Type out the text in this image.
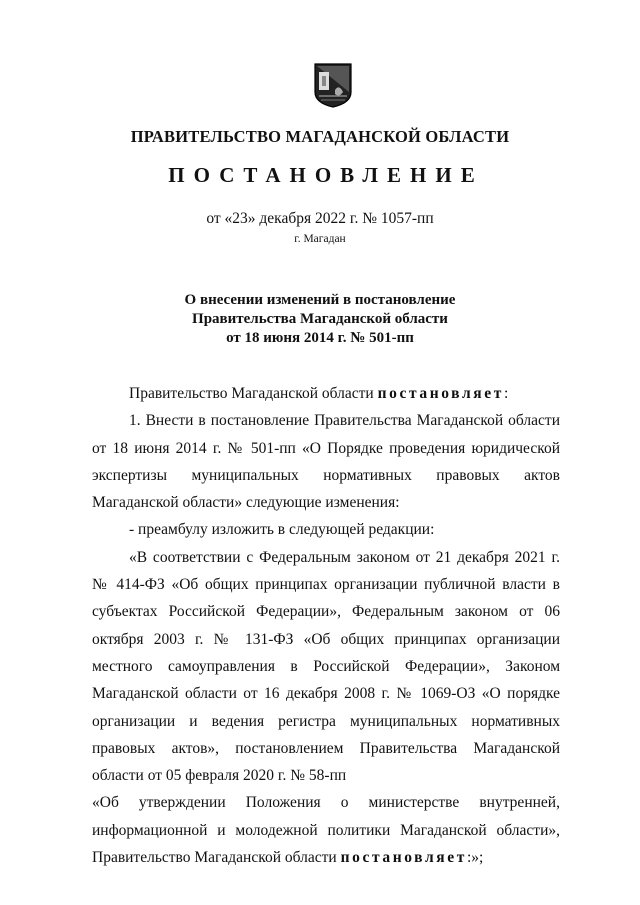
ПРАВИТЕЛЬСТВО МАГАДАНСКОЙ ОБЛАСТИ
ПОСТАНОВЛЕНИЕ
от «23» декабря 2022 г. № 1057-пп
г. Магадан
О внесении изменений в постановление
Правительства Магаданской области
от 18 июня 2014 г. № 501-пп

Правительство Магаданской области постановляет:

1. Внести в постановление Правительства Магаданской области от 18 июня 2014 г. № 501-пп «О Порядке проведения юридической экспертизы муниципальных нормативных правовых актов Магаданской области» следующие изменения:

- преамбулу изложить в следующей редакции:

«В соответствии с Федеральным законом от 21 декабря 2021 г. № 414-ФЗ «Об общих принципах организации публичной власти в субъектах Российской Федерации», Федеральным законом от 06 октября 2003 г. № 131-ФЗ «Об общих принципах организации местного самоуправления в Российской Федерации», Законом Магаданской области от 16 декабря 2008 г. № 1069-ОЗ «О порядке организации и ведения регистра муниципальных нормативных правовых актов», постановлением Правительства Магаданской области от 05 февраля 2020 г. № 58-пп

«Об утверждении Положения о министерстве внутренней,

информационной и молодежной политики Магаданской области»,

Правительство Магаданской области постановляет:»;
